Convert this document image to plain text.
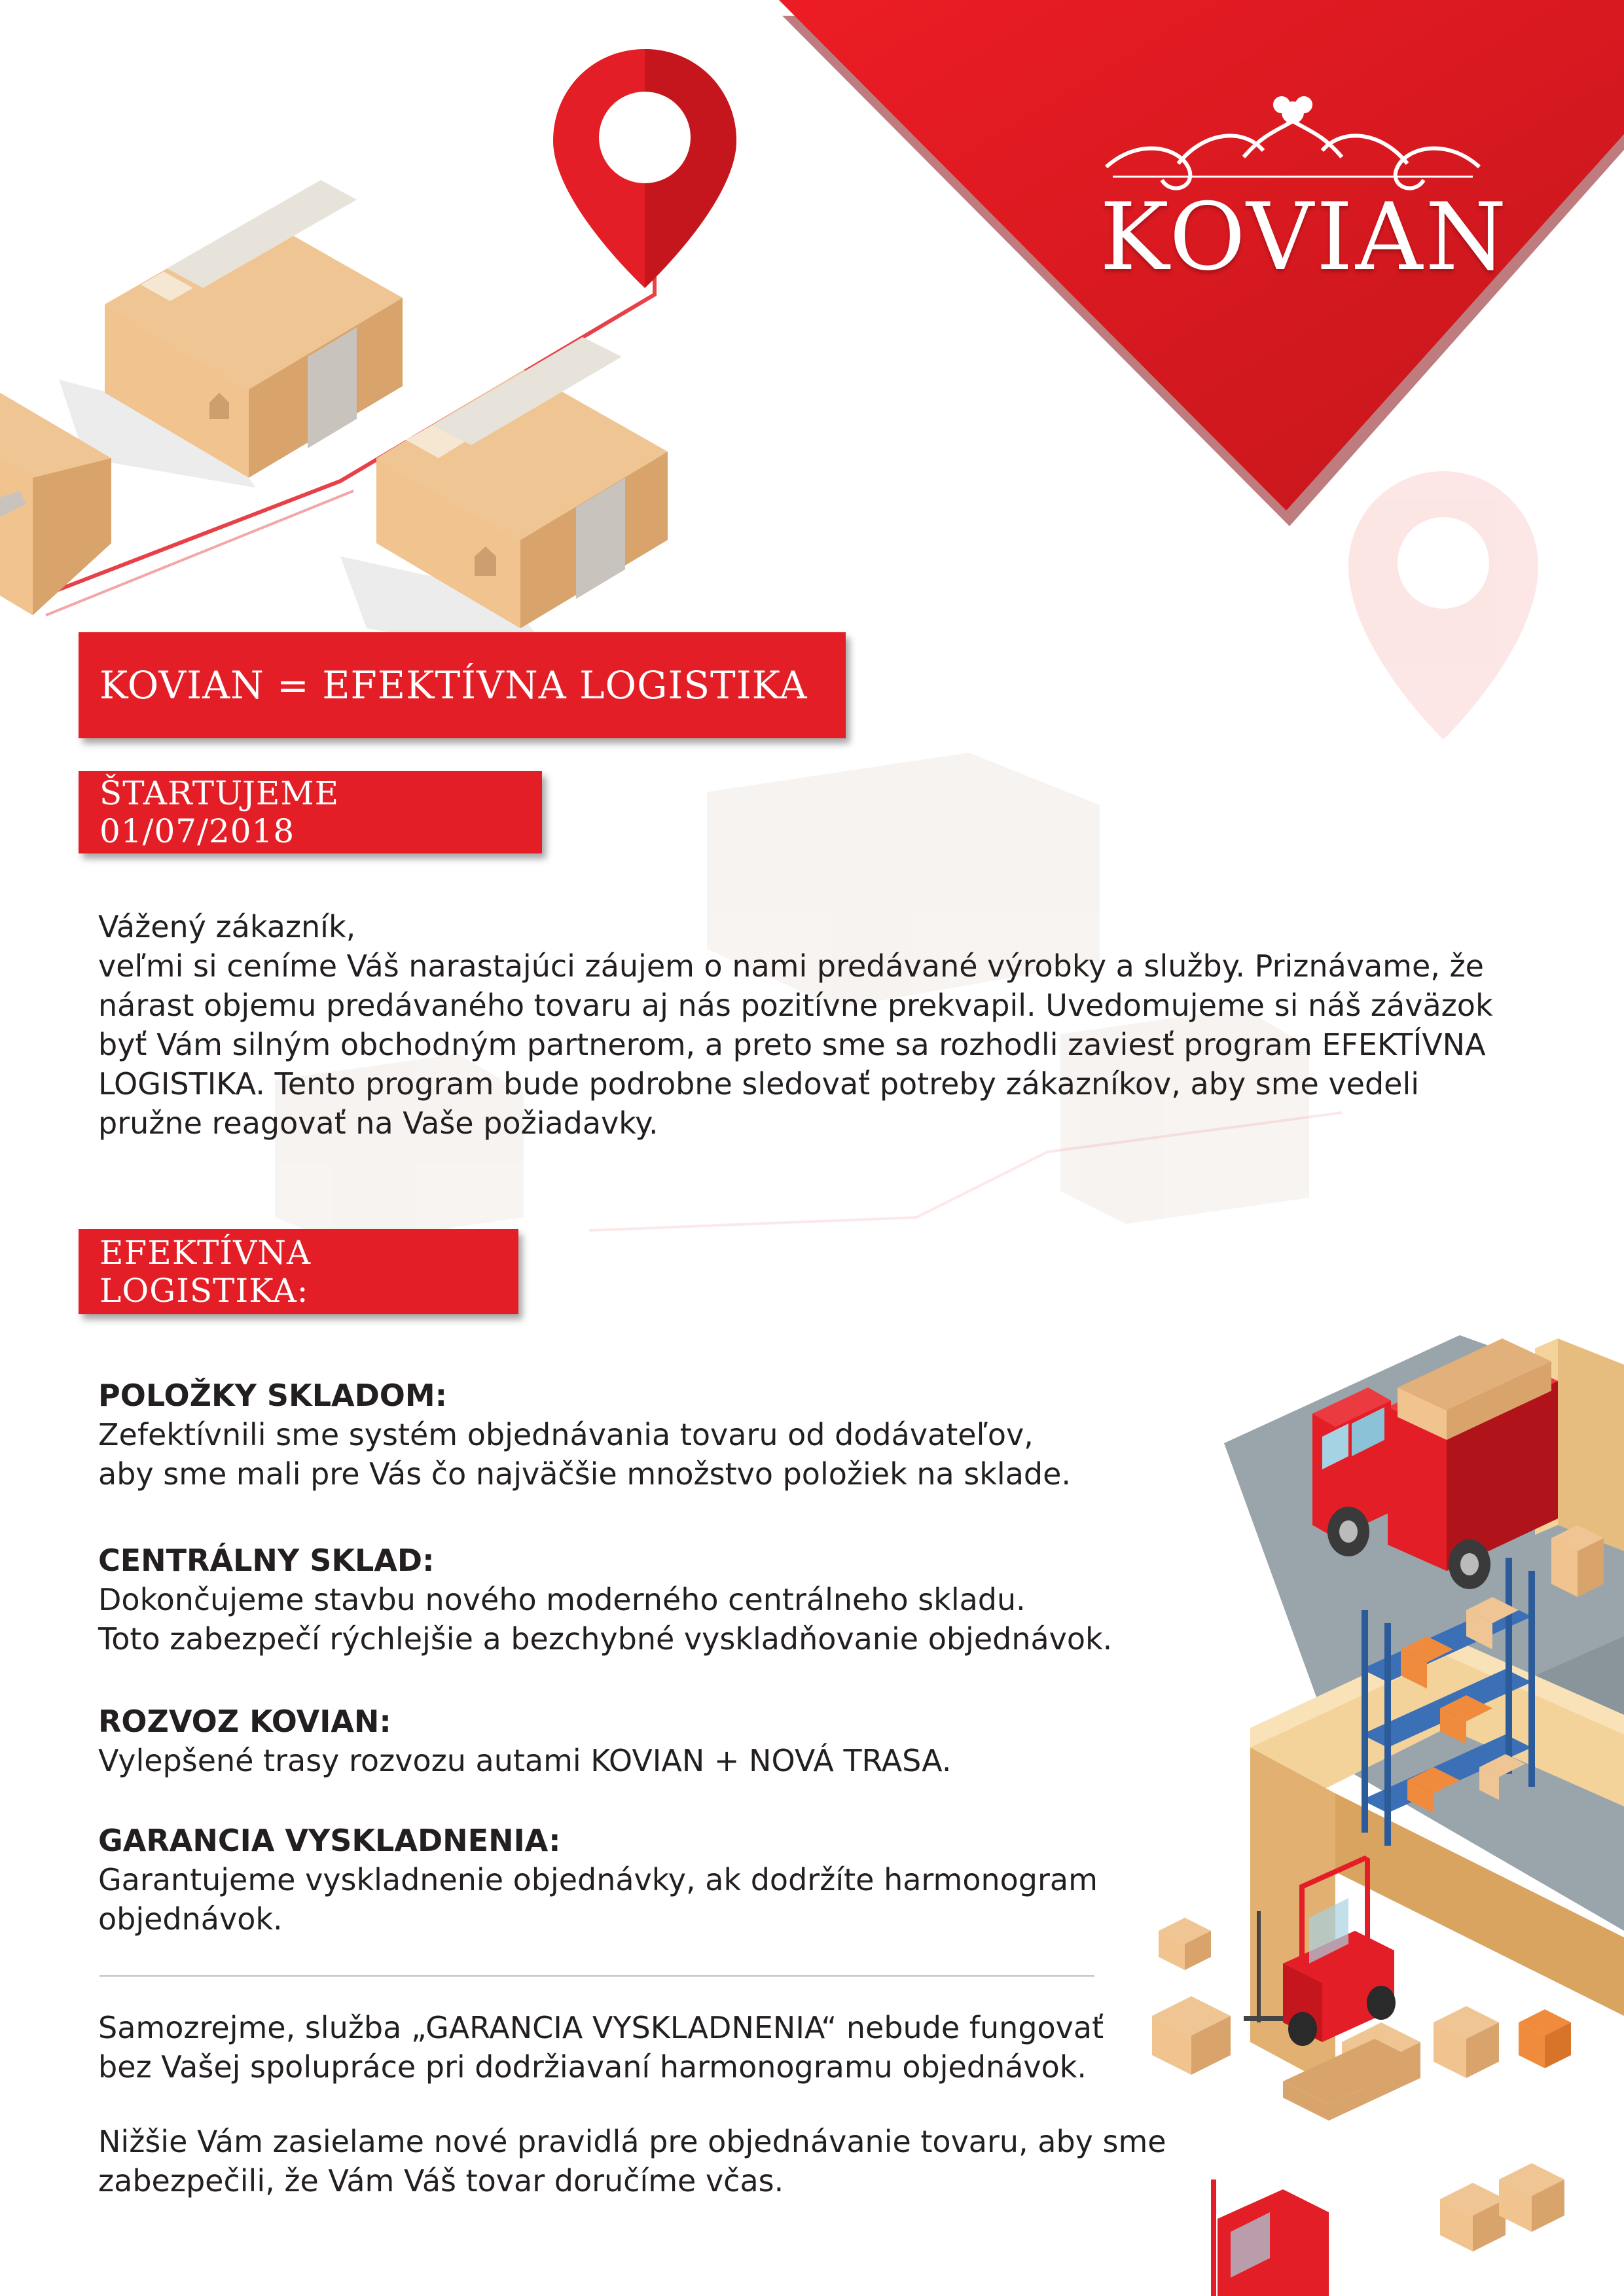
KOVIAN
KOVIAN = EFEKTÍVNA LOGISTIKA
ŠTARTUJEME 01/07/2018
EFEKTÍVNA LOGISTIKA:
Vážený zákazník,
veľmi si ceníme Váš narastajúci záujem o nami predávané výrobky a služby. Priznávame, že
nárast objemu predávaného tovaru aj nás pozitívne prekvapil. Uvedomujeme si náš záväzok
byť Vám silným obchodným partnerom, a preto sme sa rozhodli zaviesť program EFEKTÍVNA
LOGISTIKA. Tento program bude podrobne sledovať potreby zákazníkov, aby sme vedeli
pružne reagovať na Vaše požiadavky.
POLOŽKY SKLADOM:
Zefektívnili sme systém objednávania tovaru od dodávateľov,
aby sme mali pre Vás čo najväčšie množstvo položiek na sklade.
CENTRÁLNY SKLAD:
Dokončujeme stavbu nového moderného centrálneho skladu.
Toto zabezpečí rýchlejšie a bezchybné vyskladňovanie objednávok.
ROZVOZ KOVIAN:
Vylepšené trasy rozvozu autami KOVIAN + NOVÁ TRASA.
GARANCIA VYSKLADNENIA:
Garantujeme vyskladnenie objednávky, ak dodržíte harmonogram
objednávok.
Samozrejme, služba „GARANCIA VYSKLADNENIA“ nebude fungovať
bez Vašej spolupráce pri dodržiavaní harmonogramu objednávok.
Nižšie Vám zasielame nové pravidlá pre objednávanie tovaru, aby sme
zabezpečili, že Vám Váš tovar doručíme včas.
